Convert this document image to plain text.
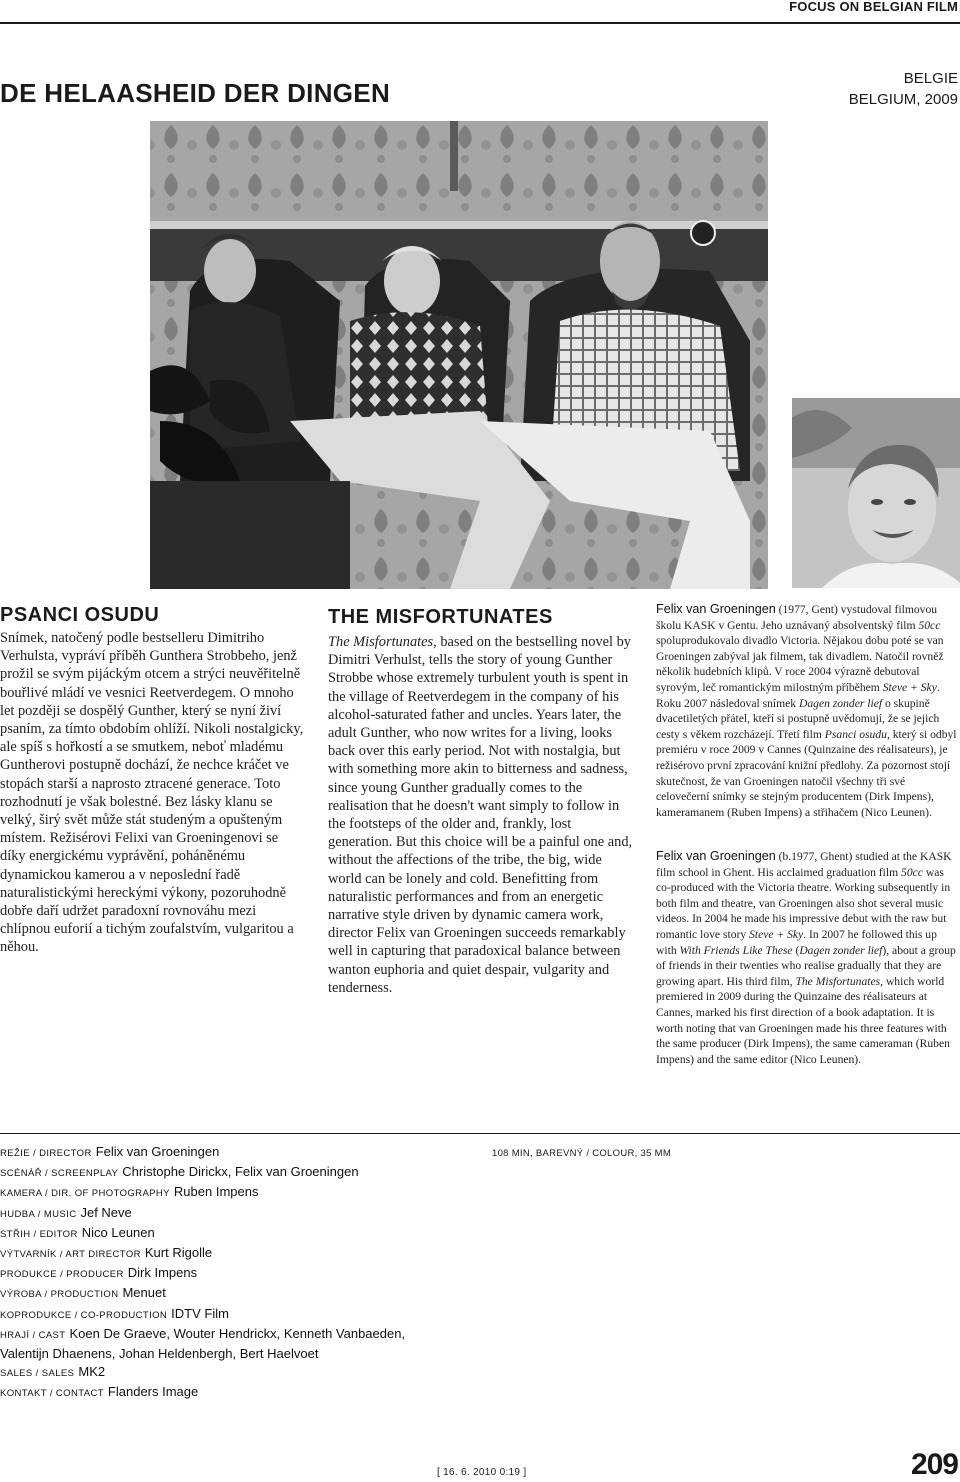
FOCUS ON BELGIAN FILM
DE HELAASHEID DER DINGEN	BELGIE
BELGIUM, 2009
PSANCI OSUDU
Snímek, natočený podle bestselleru Dimitriho Verhulsta, vypráví příběh Gunthera Strobbeho, jenž prožil se svým pijáckým otcem a strýci neuvěřitelně bouřlivé mládí ve vesnici Reetverdegem. O mnoho let později se dospělý Gunther, který se nyní živí psaním, za tímto obdobím ohlíží. Nikoli nostalgicky, ale spíš s hořkostí a se smutkem, neboť mladému Guntherovi postupně dochází, že nechce kráčet ve stopách starší a naprosto ztracené generace. Toto rozhodnutí je však bolestné. Bez lásky klanu se velký, širý svět může stát studeným a opušteným místem. Režisérovi Felixi van Groeningenovi se díky energickému vyprávění, poháněnému dynamickou kamerou a v neposlední řadě naturalistickými hereckými výkony, pozoruhodně dobře daří udržet paradoxní rovnováhu mezi chlípnou euforií a tichým zoufalstvím, vulgaritou a něhou.
THE MISFORTUNATES
The Misfortunates, based on the bestselling novel by Dimitri Verhulst, tells the story of young Gunther Strobbe whose extremely turbulent youth is spent in the village of Reetverdegem in the company of his alcohol-saturated father and uncles. Years later, the adult Gunther, who now writes for a living, looks back over this early period. Not with nostalgia, but with something more akin to bitterness and sadness, since young Gunther gradually comes to the realisation that he doesn't want simply to follow in the footsteps of the older and, frankly, lost generation. But this choice will be a painful one and, without the affections of the tribe, the big, wide world can be lonely and cold. Benefitting from naturalistic performances and from an energetic narrative style driven by dynamic camera work, director Felix van Groeningen succeeds remarkably well in capturing that paradoxical balance between wanton euphoria and quiet despair, vulgarity and tenderness.
Felix van Groeningen (1977, Gent) vystudoval filmovou školu KASK v Gentu. Jeho uznávaný absolventský film 50cc spoluprodukovalo divadlo Victoria. Nějakou dobu poté se van Groeningen zabýval jak filmem, tak divadlem. Natočil rovněž několik hudebních klipů. V roce 2004 výrazně debutoval syrovým, leč romantickým milostným příběhem Steve + Sky. Roku 2007 následoval snímek Dagen zonder lief o skupině dvacetiletých přátel, kteří si postupně uvědomují, že se jejich cesty s věkem rozcházejí. Třetí film Psanci osudu, který si odbyl premiéru v roce 2009 v Cannes (Quinzaine des réalisateurs), je režisérovo první zpracování knižní předlohy. Za pozornost stojí skutečnost, že van Groeningen natočil všechny tři své celovečerní snímky se stejným producentem (Dirk Impens), kameramanem (Ruben Impens) a střihačem (Nico Leunen).
Felix van Groeningen (b.1977, Ghent) studied at the KASK film school in Ghent. His acclaimed graduation film 50cc was co-produced with the Victoria theatre. Working subsequently in both film and theatre, van Groeningen also shot several music videos. In 2004 he made his impressive debut with the raw but romantic love story Steve + Sky. In 2007 he followed this up with With Friends Like These (Dagen zonder lief), about a group of friends in their twenties who realise gradually that they are growing apart. His third film, The Misfortunates, which world premiered in 2009 during the Quinzaine des réalisateurs at Cannes, marked his first direction of a book adaptation. It is worth noting that van Groeningen made his three features with the same producer (Dirk Impens), the same cameraman (Ruben Impens) and the same editor (Nico Leunen).
REŽIE / DIRECTOR Felix van Groeningen
SCÉNÁŘ / SCREENPLAY Christophe Dirickx, Felix van Groeningen
KAMERA / DIR. OF PHOTOGRAPHY Ruben Impens
HUDBA / MUSIC Jef Neve
STŘIH / EDITOR Nico Leunen
VÝTVARNÍK / ART DIRECTOR Kurt Rigolle
PRODUKCE / PRODUCER Dirk Impens
VÝROBA / PRODUCTION Menuet
KOPRODUKCE / CO-PRODUCTION IDTV Film
HRAJÍ / CAST Koen De Graeve, Wouter Hendrickx, Kenneth Vanbaeden, Valentijn Dhaenens, Johan Heldenbergh, Bert Haelvoet
SALES / SALES MK2
KONTAKT / CONTACT Flanders Image
108 MIN, BAREVNÝ / COLOUR, 35 MM
[ 16. 6. 2010 0:19 ]	209
